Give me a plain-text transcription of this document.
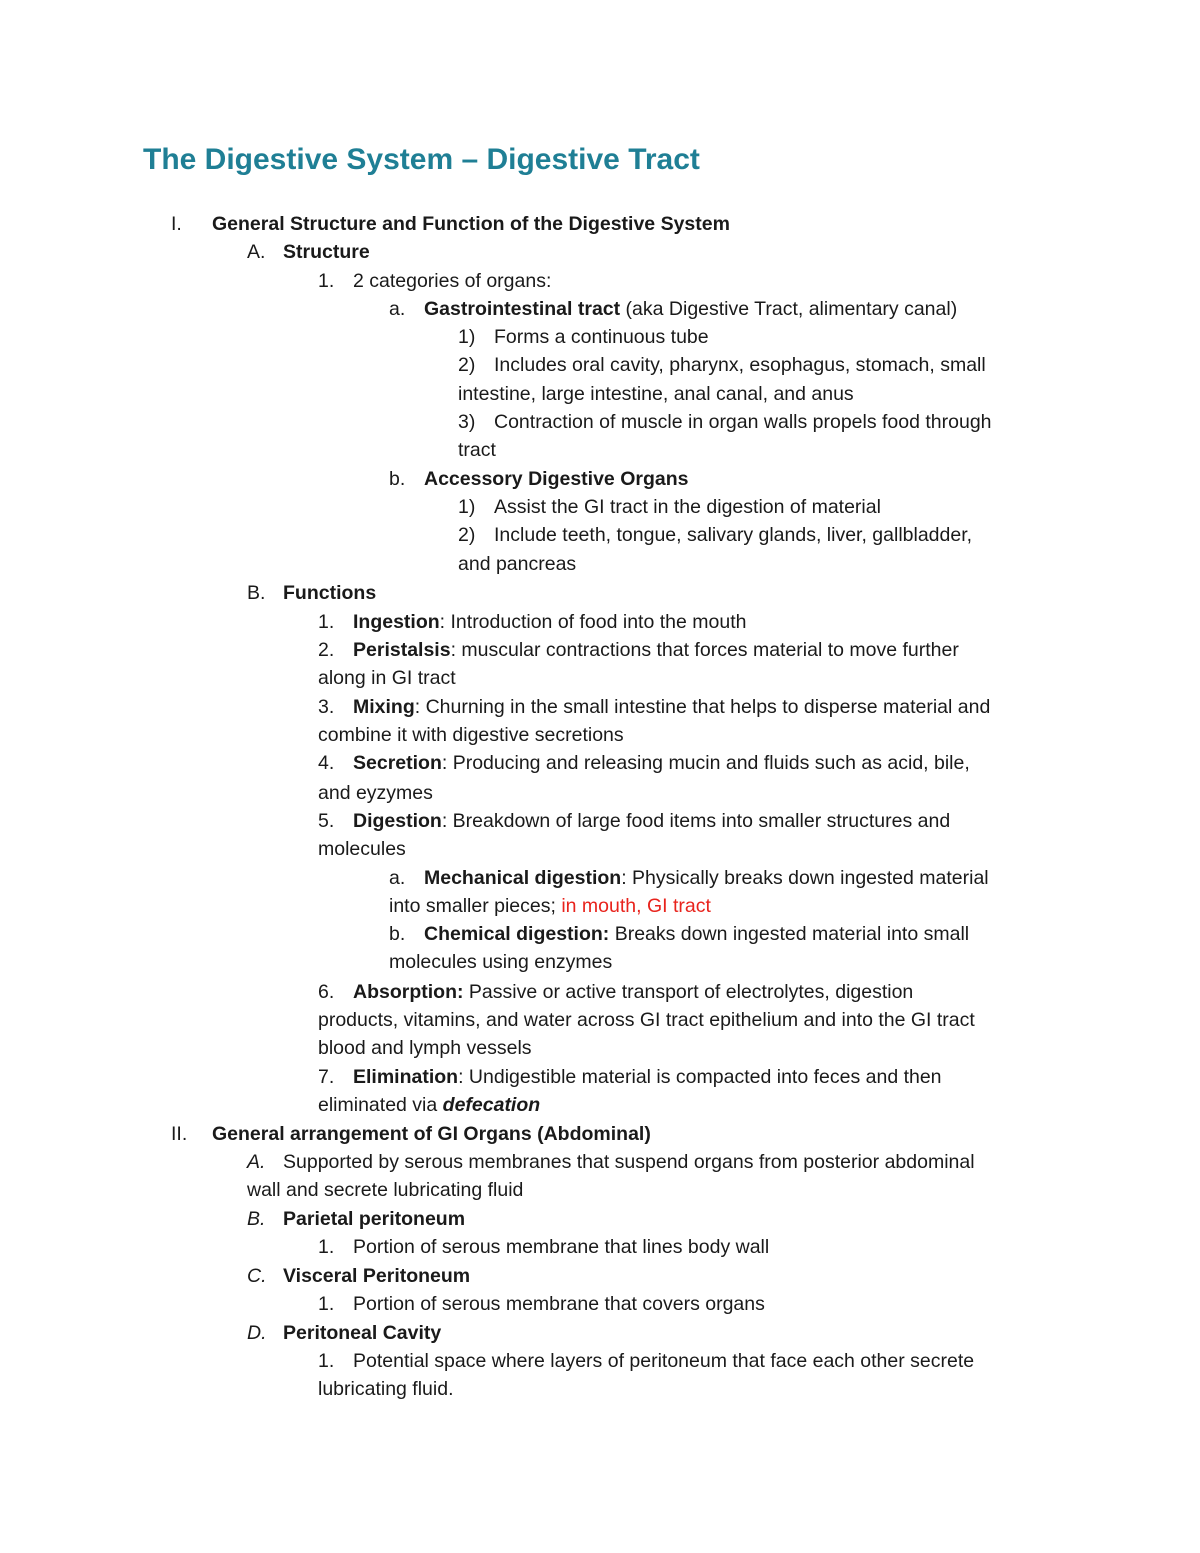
The Digestive System – Digestive Tract
I. General Structure and Function of the Digestive System
A. Structure
1. 2 categories of organs:
a. Gastrointestinal tract (aka Digestive Tract, alimentary canal)
1) Forms a continuous tube
2) Includes oral cavity, pharynx, esophagus, stomach, small
intestine, large intestine, anal canal, and anus
3) Contraction of muscle in organ walls propels food through
tract
b. Accessory Digestive Organs
1) Assist the GI tract in the digestion of material
2) Include teeth, tongue, salivary glands, liver, gallbladder,
and pancreas
B. Functions
1. Ingestion: Introduction of food into the mouth
2. Peristalsis: muscular contractions that forces material to move further
along in GI tract
3. Mixing: Churning in the small intestine that helps to disperse material and
combine it with digestive secretions
4. Secretion: Producing and releasing mucin and fluids such as acid, bile,
and eyzymes
5. Digestion: Breakdown of large food items into smaller structures and
molecules
a. Mechanical digestion: Physically breaks down ingested material
into smaller pieces; in mouth, GI tract
b. Chemical digestion: Breaks down ingested material into small
molecules using enzymes
6. Absorption: Passive or active transport of electrolytes, digestion
products, vitamins, and water across GI tract epithelium and into the GI tract
blood and lymph vessels
7. Elimination: Undigestible material is compacted into feces and then
eliminated via defecation
II. General arrangement of GI Organs (Abdominal)
A. Supported by serous membranes that suspend organs from posterior abdominal
wall and secrete lubricating fluid
B. Parietal peritoneum
1. Portion of serous membrane that lines body wall
C. Visceral Peritoneum
1. Portion of serous membrane that covers organs
D. Peritoneal Cavity
1. Potential space where layers of peritoneum that face each other secrete
lubricating fluid.
